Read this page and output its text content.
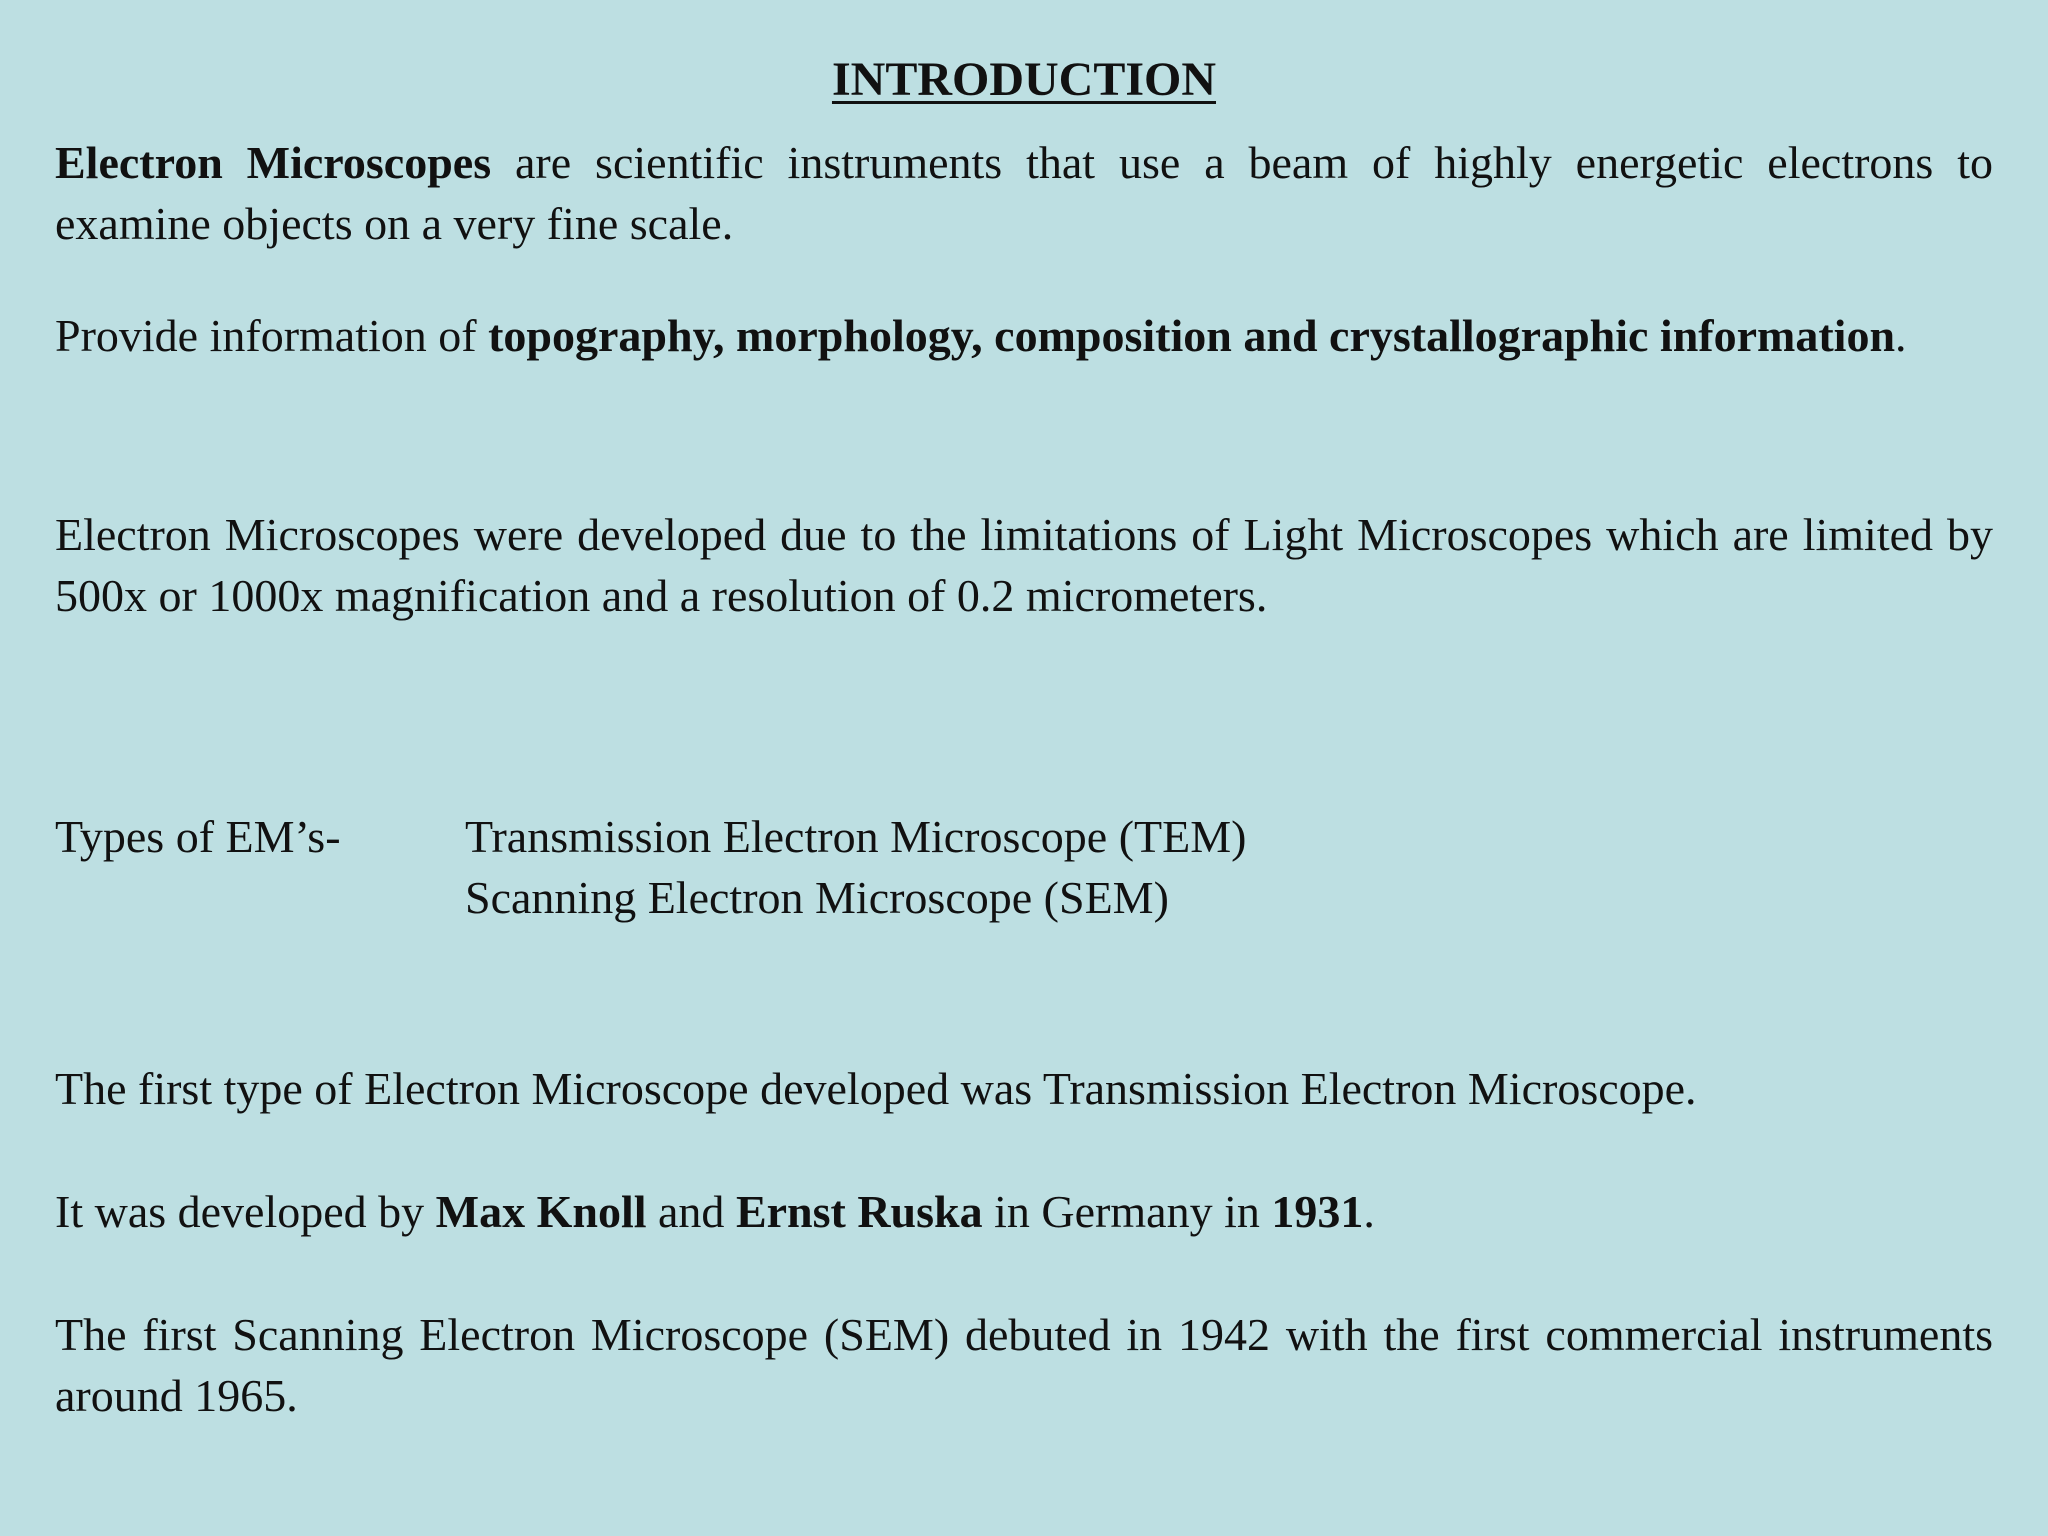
INTRODUCTION
Electron Microscopes are scientific instruments that use a beam of highly energetic electrons to examine objects on a very fine scale.
Provide information of topography, morphology, composition and crystallographic information.
Electron Microscopes were developed due to the limitations of Light Microscopes which are limited by 500x or 1000x magnification and a resolution of 0.2 micrometers.
Types of EM’s-	Transmission Electron Microscope (TEM)
Scanning Electron Microscope (SEM)
The first type of Electron Microscope developed was Transmission Electron Microscope.
It was developed by Max Knoll and Ernst Ruska in Germany in 1931.
The first Scanning Electron Microscope (SEM) debuted in 1942 with the first commercial instruments around 1965.
